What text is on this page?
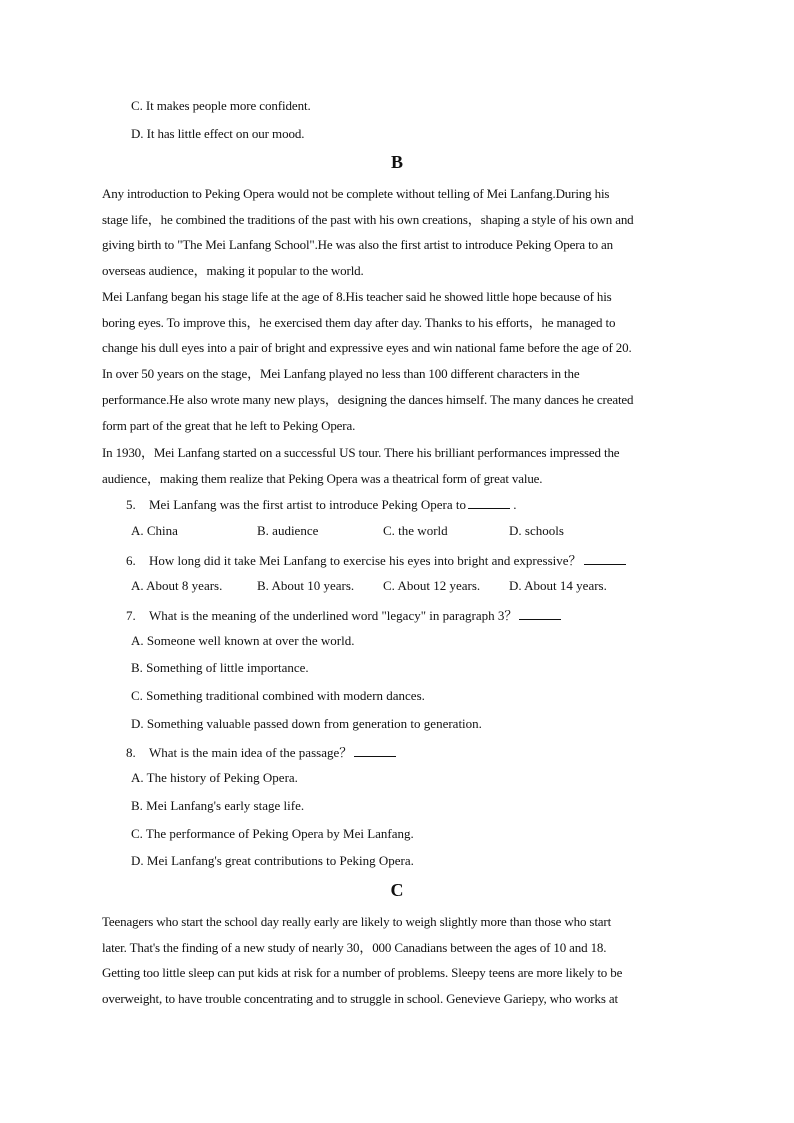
C. It makes people more confident.
D. It has little effect on our mood.
B
Any introduction to Peking Opera would not be complete without telling of Mei Lanfang.During his
stage life，he combined the traditions of the past with his own creations，shaping a style of his own and
giving birth to "The Mei Lanfang School".He was also the first artist to introduce Peking Opera to an
overseas audience，making it popular to the world.
Mei Lanfang began his stage life at the age of 8.His teacher said he showed little hope because of his
boring eyes. To improve this，he exercised them day after day. Thanks to his efforts，he managed to
change his dull eyes into a pair of bright and expressive eyes and win national fame before the age of 20.
In over 50 years on the stage，Mei Lanfang played no less than 100 different characters in the
performance.He also wrote many new plays，designing the dances himself. The many dances he created
form part of the great that he left to Peking Opera.
In 1930，Mei Lanfang started on a successful US tour. There his brilliant performances impressed the
audience，making them realize that Peking Opera was a theatrical form of great value.
5. Mei Lanfang was the first artist to introduce Peking Opera to	.
A. China	B. audience	C. the world	D. schools
6. How long did it take Mei Lanfang to exercise his eyes into bright and expressive？
A. About 8 years.	B. About 10 years. C. About 12 years. D. About 14 years.
7. What is the meaning of the underlined word "legacy" in paragraph 3？
A. Someone well known at over the world.
B. Something of little importance.
C. Something traditional combined with modern dances.
D. Something valuable passed down from generation to generation.
8. What is the main idea of the passage？
A. The history of Peking Opera.
B. Mei Lanfang's early stage life.
C. The performance of Peking Opera by Mei Lanfang.
D. Mei Lanfang's great contributions to Peking Opera.
C
Teenagers who start the school day really early are likely to weigh slightly more than those who start
later. That's the finding of a new study of nearly 30，000 Canadians between the ages of 10 and 18.
Getting too little sleep can put kids at risk for a number of problems. Sleepy teens are more likely to be
overweight, to have trouble concentrating and to struggle in school. Genevieve Gariepy, who works at
